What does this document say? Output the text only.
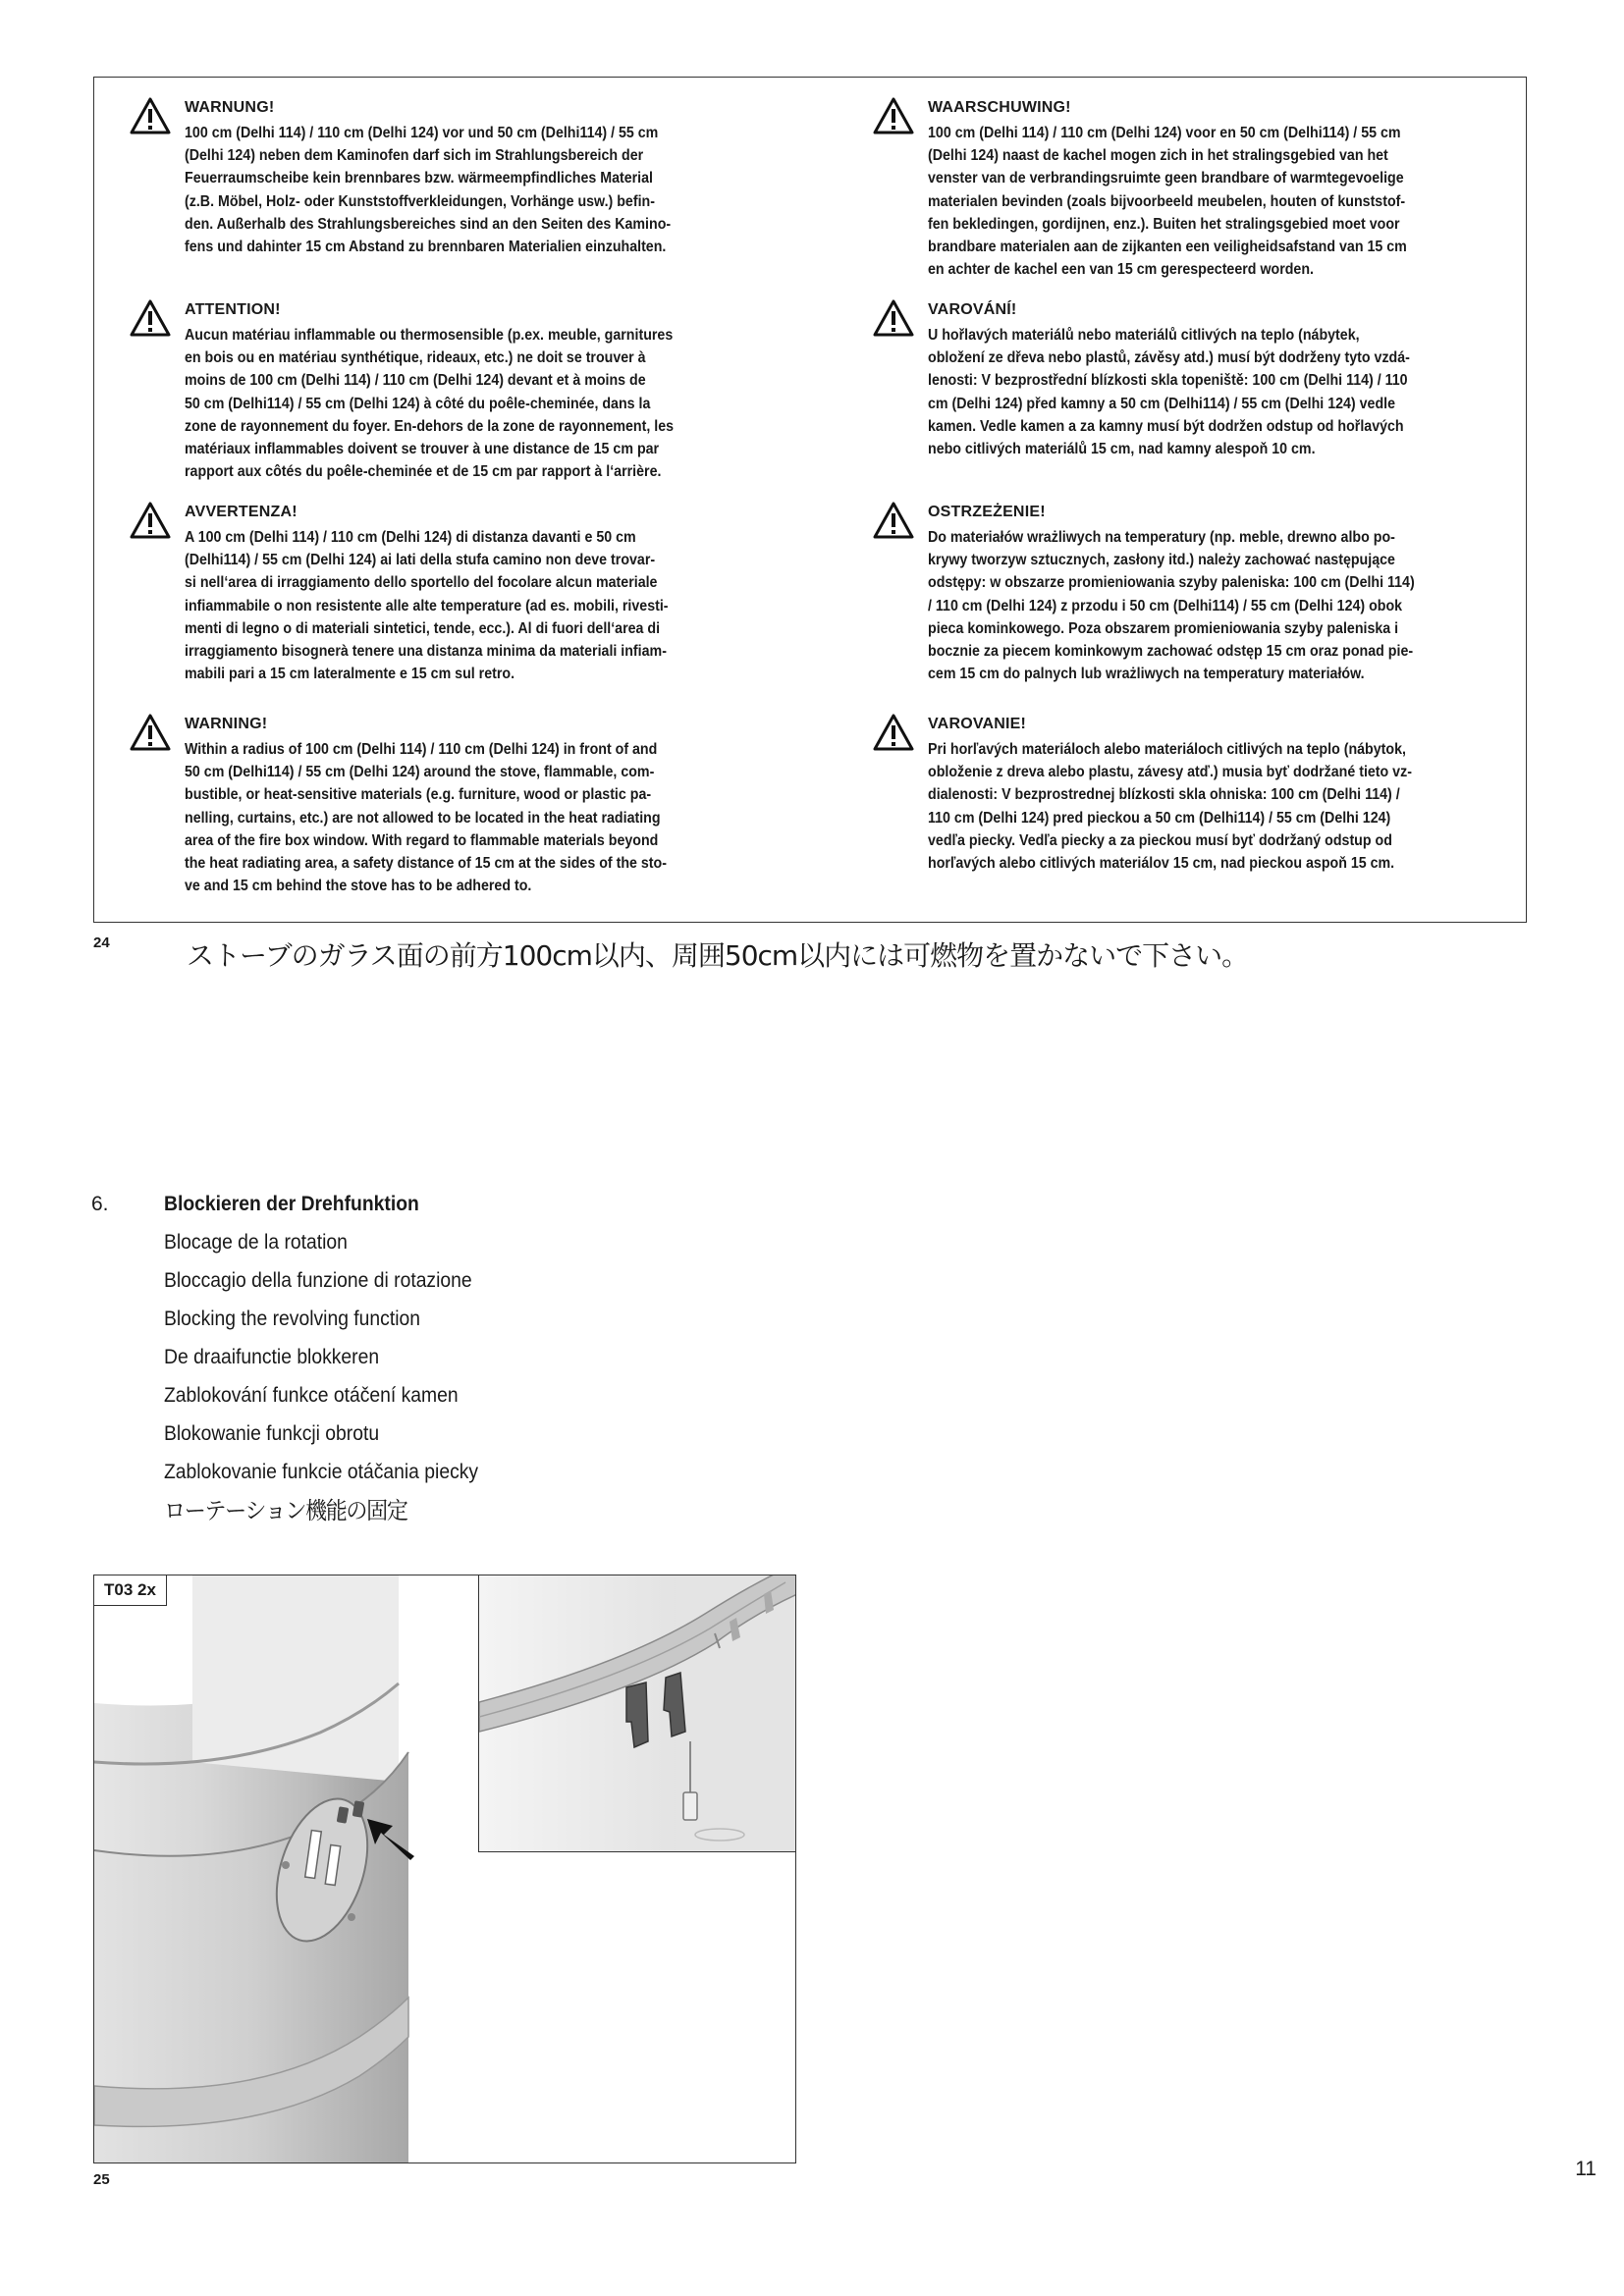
WARNUNG!
100 cm (Delhi 114) / 110 cm (Delhi 124) vor und 50 cm (Delhi114) / 55 cm
(Delhi 124) neben dem Kaminofen darf sich im Strahlungsbereich der
Feuerraumscheibe kein brennbares bzw. wärmeempfindliches Material
(z.B. Möbel, Holz- oder Kunststoffverkleidungen, Vorhänge usw.) befin-
den. Außerhalb des Strahlungsbereiches sind an den Seiten des Kamino-
fens und dahinter 15 cm Abstand zu brennbaren Materialien einzuhalten.
WAARSCHUWING!
100 cm (Delhi 114) / 110 cm (Delhi 124) voor en 50 cm (Delhi114) / 55 cm
(Delhi 124) naast de kachel mogen zich in het stralingsgebied van het
venster van de verbrandingsruimte geen brandbare of warmtegevoelige
materialen bevinden (zoals bijvoorbeeld meubelen, houten of kunststof-
fen bekledingen, gordijnen, enz.). Buiten het stralingsgebied moet voor
brandbare materialen aan de zijkanten een veiligheidsafstand van 15 cm
en achter de kachel een van 15 cm gerespecteerd worden.
ATTENTION!
Aucun matériau inflammable ou thermosensible (p.ex. meuble, garnitures
en bois ou en matériau synthétique, rideaux, etc.) ne doit se trouver à
moins de 100 cm (Delhi 114) / 110 cm (Delhi 124) devant et à moins de
50 cm (Delhi114) / 55 cm (Delhi 124) à côté du poêle-cheminée, dans la
zone de rayonnement du foyer. En-dehors de la zone de rayonnement, les
matériaux inflammables doivent se trouver à une distance de 15 cm par
rapport aux côtés du poêle-cheminée et de 15 cm par rapport à l‘arrière.
VAROVÁNÍ!
U hořlavých materiálů nebo materiálů citlivých na teplo (nábytek,
obložení ze dřeva nebo plastů, závěsy atd.) musí být dodrženy tyto vzdá-
lenosti: V bezprostřední blízkosti skla topeniště: 100 cm (Delhi 114) / 110
cm (Delhi 124) před kamny a 50 cm (Delhi114) / 55 cm (Delhi 124) vedle
kamen. Vedle kamen a za kamny musí být dodržen odstup od hořlavých
nebo citlivých materiálů 15 cm, nad kamny alespoň 10 cm.
AVVERTENZA!
A 100 cm (Delhi 114) / 110 cm (Delhi 124) di distanza davanti e 50 cm
(Delhi114) / 55 cm (Delhi 124) ai lati della stufa camino non deve trovar-
si nell‘area di irraggiamento dello sportello del focolare alcun materiale
infiammabile o non resistente alle alte temperature (ad es. mobili, rivesti-
menti di legno o di materiali sintetici, tende, ecc.). Al di fuori dell‘area di
irraggiamento bisognerà tenere una distanza minima da materiali infiam-
mabili pari a 15 cm lateralmente e 15 cm sul retro.
OSTRZEŻENIE!
Do materiałów wrażliwych na temperatury (np. meble, drewno albo po-
krywy tworzyw sztucznych, zasłony itd.) należy zachować następujące
odstępy: w obszarze promieniowania szyby paleniska: 100 cm (Delhi 114)
/ 110 cm (Delhi 124) z przodu i 50 cm (Delhi114) / 55 cm (Delhi 124) obok
pieca kominkowego. Poza obszarem promieniowania szyby paleniska i
bocznie za piecem kominkowym zachować odstęp 15 cm oraz ponad pie-
cem 15 cm do palnych lub wrażliwych na temperatury materiałów.
WARNING!
Within a radius of 100 cm (Delhi 114) / 110 cm (Delhi 124) in front of and
50 cm (Delhi114) / 55 cm (Delhi 124) around the stove, flammable, com-
bustible, or heat-sensitive materials (e.g. furniture, wood or plastic pa-
nelling, curtains, etc.) are not allowed to be located in the heat radiating
area of the fire box window. With regard to flammable materials beyond
the heat radiating area, a safety distance of 15 cm at the sides of the sto-
ve and 15 cm behind the stove has to be adhered to.
VAROVANIE!
Pri horľavých materiáloch alebo materiáloch citlivých na teplo (nábytok,
obloženie z dreva alebo plastu, závesy atď.) musia byť dodržané tieto vz-
dialenosti: V bezprostrednej blízkosti skla ohniska: 100 cm (Delhi 114) /
110 cm (Delhi 124) pred pieckou a 50 cm (Delhi114) / 55 cm (Delhi 124)
vedľa piecky. Vedľa piecky a za pieckou musí byť dodržaný odstup od
horľavých alebo citlivých materiálov 15 cm, nad pieckou aspoň 15 cm.
24	ストーブのガラス面の前方100cm以内、周囲50cm以内には可燃物を置かないで下さい。
6.	Blockieren der Drehfunktion
Blocage de la rotation
Bloccagio della funzione di rotazione
Blocking the revolving function
De draaifunctie blokkeren
Zablokování funkce otáčení kamen
Blokowanie funkcji obrotu
Zablokovanie funkcie otáčania piecky
ローテーション機能の固定
T03 2x
25	11
